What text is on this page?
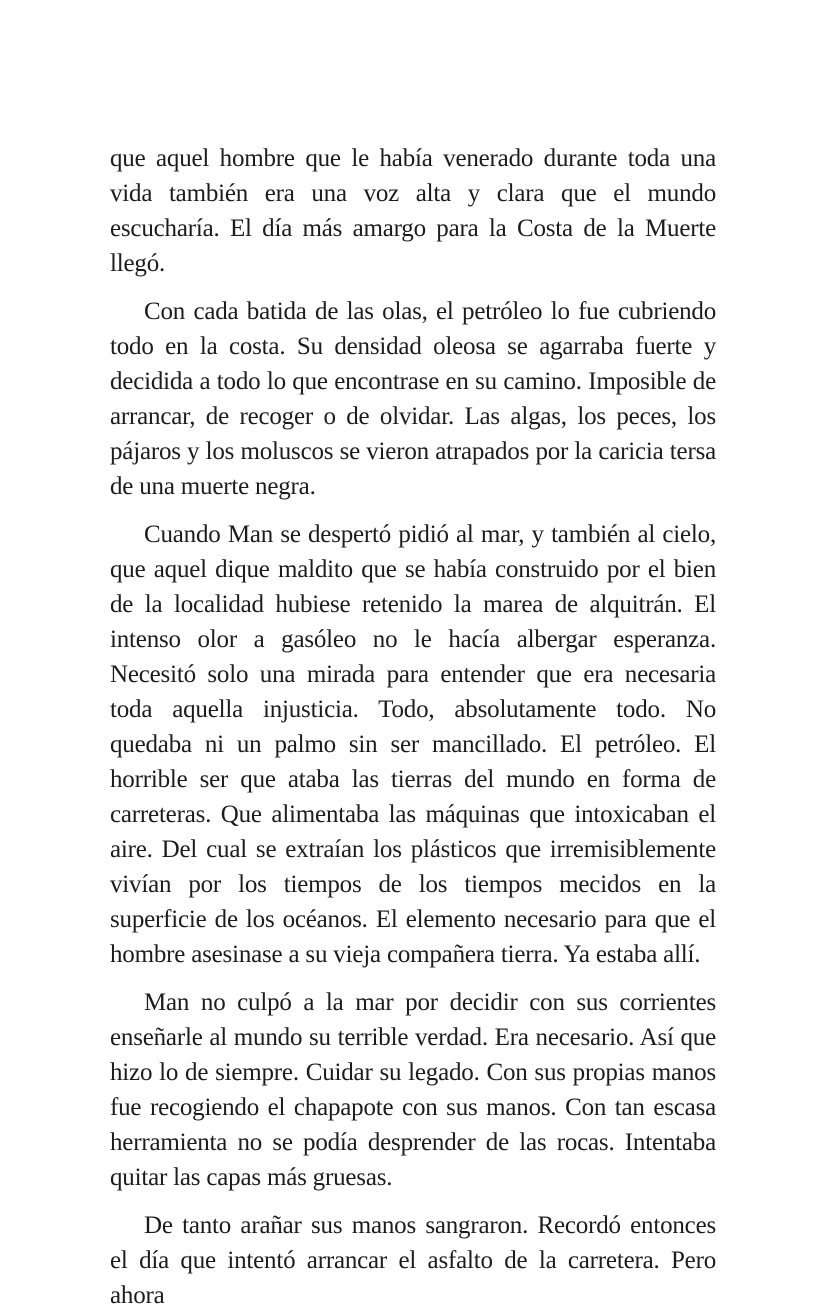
que aquel hombre que le había venerado durante toda una vida también era una voz alta y clara que el mundo escucharía. El día más amargo para la Costa de la Muerte llegó.

Con cada batida de las olas, el petróleo lo fue cubriendo todo en la costa. Su densidad oleosa se agarraba fuerte y decidida a todo lo que encontrase en su camino. Imposible de arrancar, de recoger o de olvidar. Las algas, los peces, los pájaros y los moluscos se vieron atrapados por la caricia tersa de una muerte negra.

Cuando Man se despertó pidió al mar, y también al cielo, que aquel dique maldito que se había construido por el bien de la localidad hubiese retenido la marea de alquitrán. El intenso olor a gasóleo no le hacía albergar esperanza. Necesitó solo una mirada para entender que era necesaria toda aquella injusticia. Todo, absolutamente todo. No quedaba ni un palmo sin ser mancillado. El petróleo. El horrible ser que ataba las tierras del mundo en forma de carreteras. Que alimentaba las máquinas que intoxicaban el aire. Del cual se extraían los plásticos que irremisiblemente vivían por los tiempos de los tiempos mecidos en la superficie de los océanos. El elemento necesario para que el hombre asesinase a su vieja compañera tierra. Ya estaba allí.

Man no culpó a la mar por decidir con sus corrientes enseñarle al mundo su terrible verdad. Era necesario. Así que hizo lo de siempre. Cuidar su legado. Con sus propias manos fue recogiendo el chapapote con sus manos. Con tan escasa herramienta no se podía desprender de las rocas. Intentaba quitar las capas más gruesas.

De tanto arañar sus manos sangraron. Recordó entonces el día que intentó arrancar el asfalto de la carretera. Pero ahora
